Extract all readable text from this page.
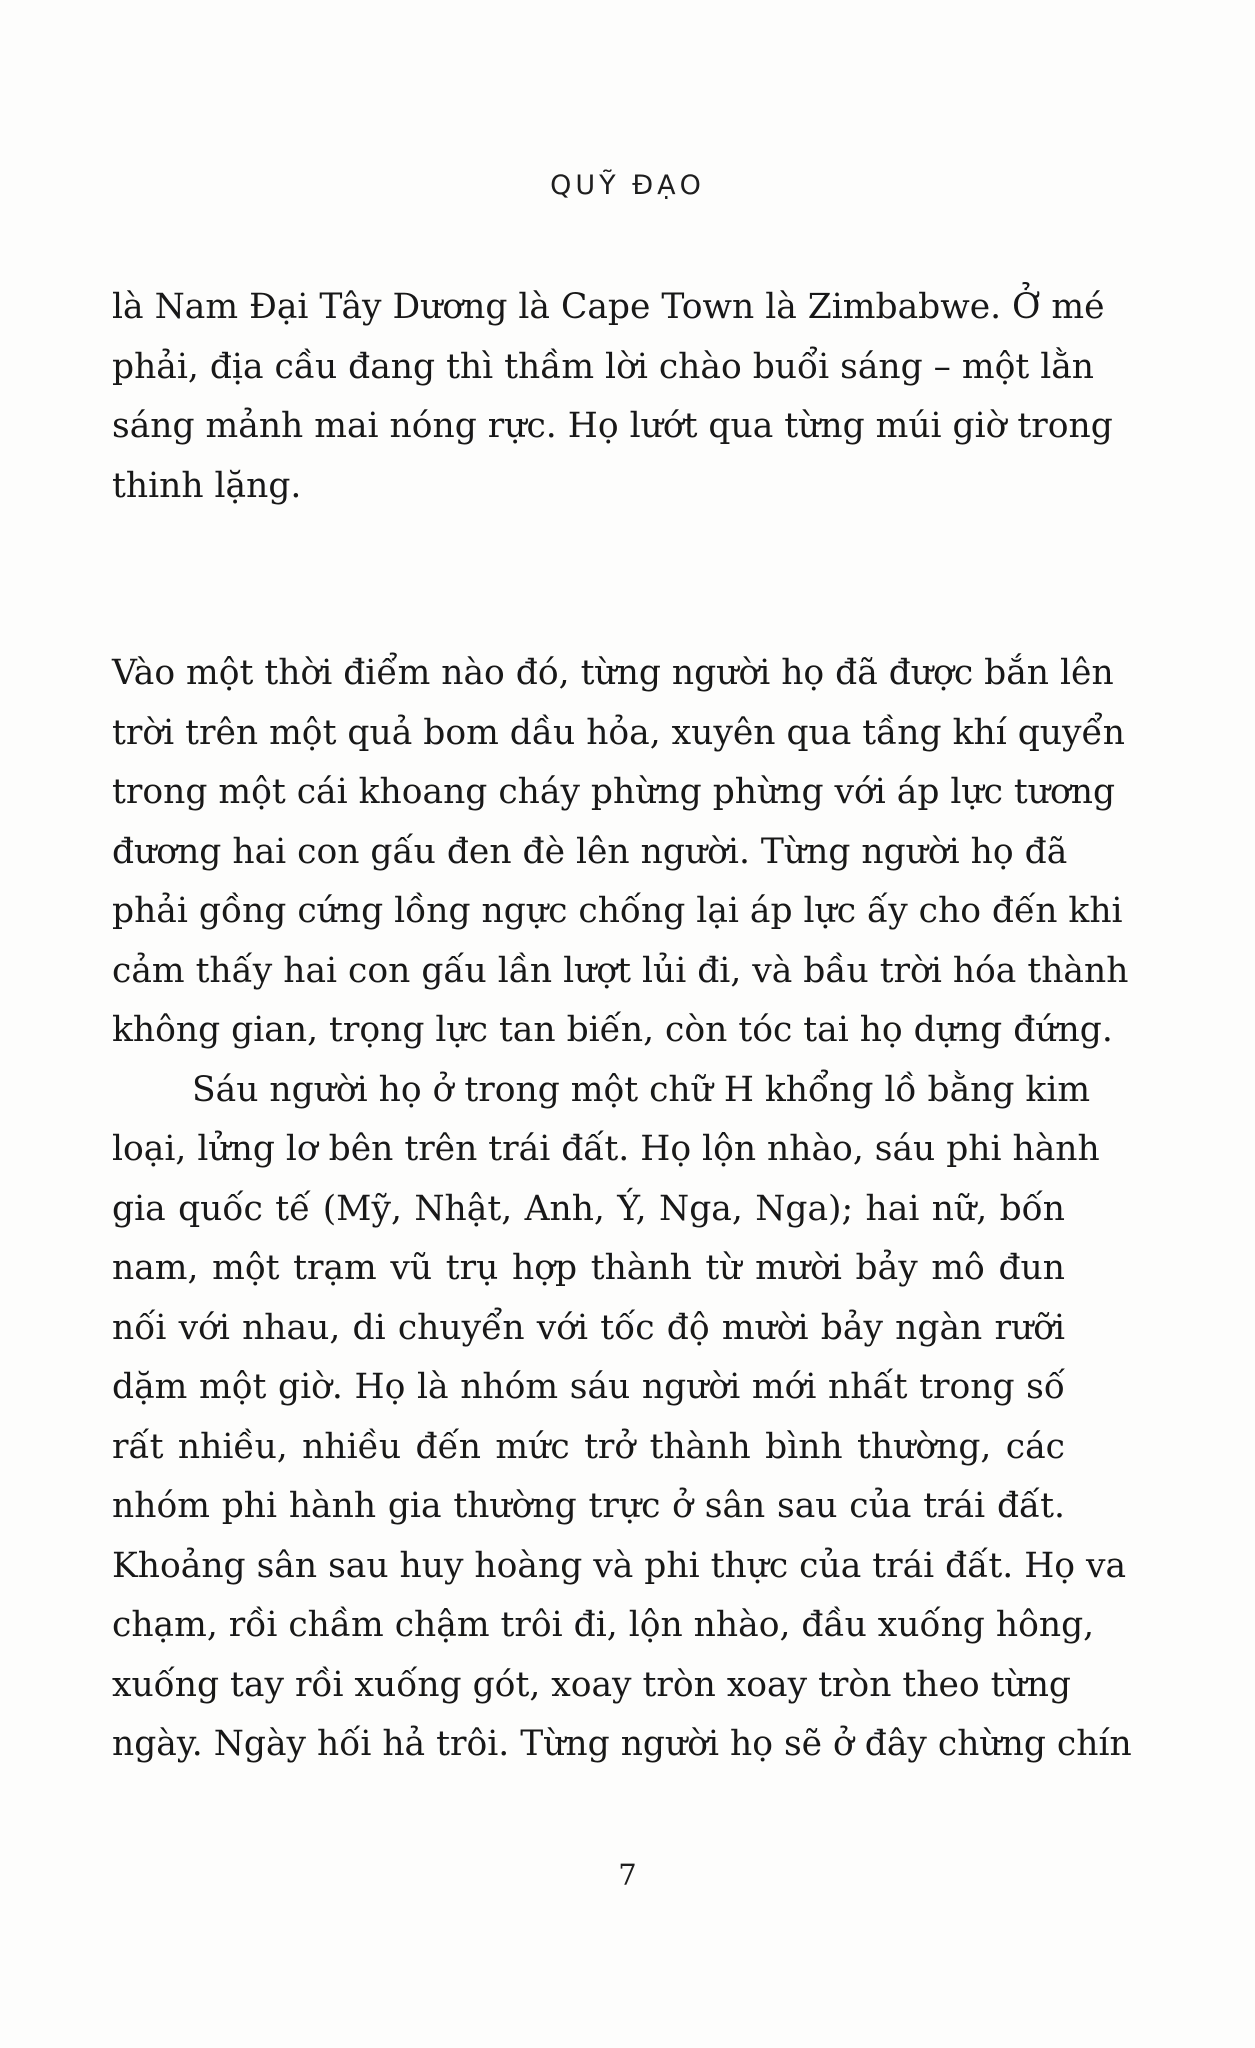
QUỸ ĐẠO

là Nam Đại Tây Dương là Cape Town là Zimbabwe. Ở mé
phải, địa cầu đang thì thầm lời chào buổi sáng – một lằn
sáng mảnh mai nóng rực. Họ lướt qua từng múi giờ trong
thinh lặng.

Vào một thời điểm nào đó, từng người họ đã được bắn lên
trời trên một quả bom dầu hỏa, xuyên qua tầng khí quyển
trong một cái khoang cháy phừng phừng với áp lực tương
đương hai con gấu đen đè lên người. Từng người họ đã
phải gồng cứng lồng ngực chống lại áp lực ấy cho đến khi
cảm thấy hai con gấu lần lượt lủi đi, và bầu trời hóa thành
không gian, trọng lực tan biến, còn tóc tai họ dựng đứng.

Sáu người họ ở trong một chữ H khổng lồ bằng kim
loại, lửng lơ bên trên trái đất. Họ lộn nhào, sáu phi hành
gia quốc tế (Mỹ, Nhật, Anh, Ý, Nga, Nga); hai nữ, bốn
nam, một trạm vũ trụ hợp thành từ mười bảy mô đun
nối với nhau, di chuyển với tốc độ mười bảy ngàn rưỡi
dặm một giờ. Họ là nhóm sáu người mới nhất trong số
rất nhiều, nhiều đến mức trở thành bình thường, các
nhóm phi hành gia thường trực ở sân sau của trái đất.
Khoảng sân sau huy hoàng và phi thực của trái đất. Họ va
chạm, rồi chầm chậm trôi đi, lộn nhào, đầu xuống hông,
xuống tay rồi xuống gót, xoay tròn xoay tròn theo từng
ngày. Ngày hối hả trôi. Từng người họ sẽ ở đây chừng chín

7
